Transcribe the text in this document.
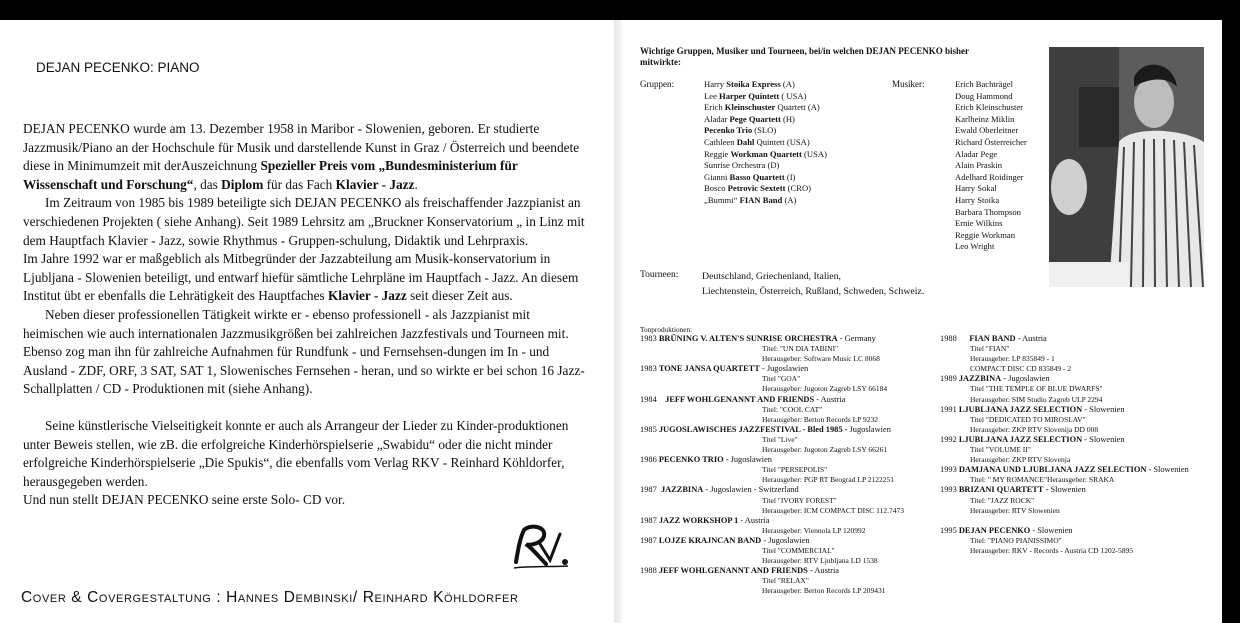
DEJAN PECENKO: PIANO

DEJAN PECENKO wurde am 13. Dezember 1958 in Maribor - Slowenien, geboren. Er studierte Jazzmusik/Piano an der Hochschule für Musik und darstellende Kunst in Graz / Österreich und beendete diese in Minimumzeit mit derAuszeichnung Spezieller Preis vom „Bundesministerium für Wissenschaft und Forschung“, das Diplom für das Fach Klavier - Jazz.

Im Zeitraum von 1985 bis 1989 beteiligte sich DEJAN PECENKO als freischaffender Jazzpianist an verschiedenen Projekten ( siehe Anhang). Seit 1989 Lehrsitz am „Bruckner Konservatorium „ in Linz mit dem Hauptfach Klavier - Jazz, sowie Rhythmus - Gruppen-schulung, Didaktik und Lehrpraxis.

Im Jahre 1992 war er maßgeblich als Mitbegründer der Jazzabteilung am Musik-konservatorium in Ljubljana - Slowenien beteiligt, und entwarf hiefür sämtliche Lehrpläne im Hauptfach - Jazz. An diesem Institut übt er ebenfalls die Lehrätigkeit des Hauptfaches Klavier - Jazz seit dieser Zeit aus.

Neben dieser professionellen Tätigkeit wirkte er - ebenso professionell - als Jazzpianist mit heimischen wie auch internationalen Jazzmusikgrößen bei zahlreichen Jazzfestivals und Tourneen mit. Ebenso zog man ihn für zahlreiche Aufnahmen für Rundfunk - und Fernsehsen-dungen im In - und Ausland - ZDF, ORF, 3 SAT, SAT 1, Slowenisches Fernsehen - heran, und so wirkte er bei schon 16 Jazz- Schallplatten / CD - Produktionen mit (siehe Anhang).

Seine künstlerische Vielseitigkeit konnte er auch als Arrangeur der Lieder zu Kinder-produktionen unter Beweis stellen, wie zB. die erfolgreiche Kinderhörspielserie „Swabidu“ oder die nicht minder erfolgreiche Kinderhörspielserie „Die Spukis“, die ebenfalls vom Verlag RKV - Reinhard Köhldorfer, herausgegeben werden.

Und nun stellt DEJAN PECENKO seine erste Solo- CD vor.

Cover & Covergestaltung : Hannes Dembinski/ Reinhard Köhldorfer
Wichtige Gruppen, Musiker und Tourneen, bei/in welchen DEJAN PECENKO bisher mitwirkte:
Gruppen:	Harry Stoika Express (A)
Lee Harper Quintett ( USA)
Erich Kleinschuster Quartett (A)
Aladar Pege Quartett (H)
Pecenko Trio (SLO)
Cathleen Dahl Quintett (USA)
Reggie Workman Quartett (USA)
Sunrise Orchestra (D)
Gianni Basso Quartett (I)
Bosco Petrovic Sextett (CRO)
„Bummi“ FIAN Band (A)
Musiker:	Erich Bachträgel
Doug Hammond
Erich Kleinschuster
Karlheinz Miklin
Ewald Oberleitner
Richard Österreicher
Aladar Pege
Alain Praskin
Adelhard Roidinger
Harry Sokal
Harry Stoika
Barbara Thompson
Ernie Wilkins
Reggie Workman
Leo Wright
Tourneen: Deutschland, Griechenland, Italien,
Liechtenstein, Österreich, Rußland, Schweden, Schweiz.
Tonproduktionen:
1983 BRÜNING V. ALTEN'S SUNRISE ORCHESTRA - Germany
Titel: "UN DIA TABINI"
Herausgeber: Software Music LC 8068
1983 TONE JANSA QUARTETT - Jugoslawien
Titel "GOA"
Herausgeber: Jugoton Zagreb LSY 66184
1984    JEFF WOHLGENANNT AND FRIENDS - Austria
Titel: "COOL CAT"
Herausgeber: Berton Records LP 9232
1985 JUGOSLAWISCHES JAZZFESTIVAL - Bled 1985 - Jugoslawien
Titel "Live"
Herausgeber: Jugoton Zagreb LSY 66261
1986 PECENKO TRIO - Jugoslawien
Titel "PERSEPOLIS"
Herausgeber: PGP RT Beograd LP 2122251
1987  JAZZBINA - Jugoslawien - Switzerland
Titel "IVORY FOREST"
Herausgeber: ICM COMPACT DISC 112.7473
1987 JAZZ WORKSHOP 1 - Austria
Herausgeber: Viennola LP 120992
1987 LOJZE KRAJNCAN BAND - Jugoslawien
Titel "COMMERCIAL"
Herausgeber: RTV Ljubljana LD 1538
1988 JEFF WOHLGENANNT AND FRIENDS - Austria
Titel "RELAX"
Herausgeber: Berton Records LP 209431
1988      FIAN BAND - Austria
Titel "FIAN"
Herausgeber: LP 835849 - 1
COMPACT DISC CD 835849 - 2
1989 JAZZBINA - Jugoslawien
Titel "THE TEMPLE OF BLUE DWARFS"
Herausgeber: SIM Studio Zagreb ULP 2294
1991 LJUBLJANA JAZZ SELECTION - Slowenien
Titel "DEDICATED TO MIROSLAV"
Herausgeber: ZKP RTV Slovenija DD 008
1992 LJUBLJANA JAZZ SELECTION - Slowenien
Titel "VOLUME II"
Herausgeber: ZKP RTV Slovenja
1993 DAMJANA UND LJUBLJANA JAZZ SELECTION - Slowenien
Titel: " MY ROMANCE"Herausgeber: SRAKA
1993 BRIZANI QUARTETT - Slowenien
Titel: "JAZZ ROCK"
Herausgeber: RTV Slowenien

1995 DEJAN PECENKO - Slowenien
Titel: "PIANO PIANISSIMO"
Herausgeber: RKV - Records - Austria CD 1202-5895
